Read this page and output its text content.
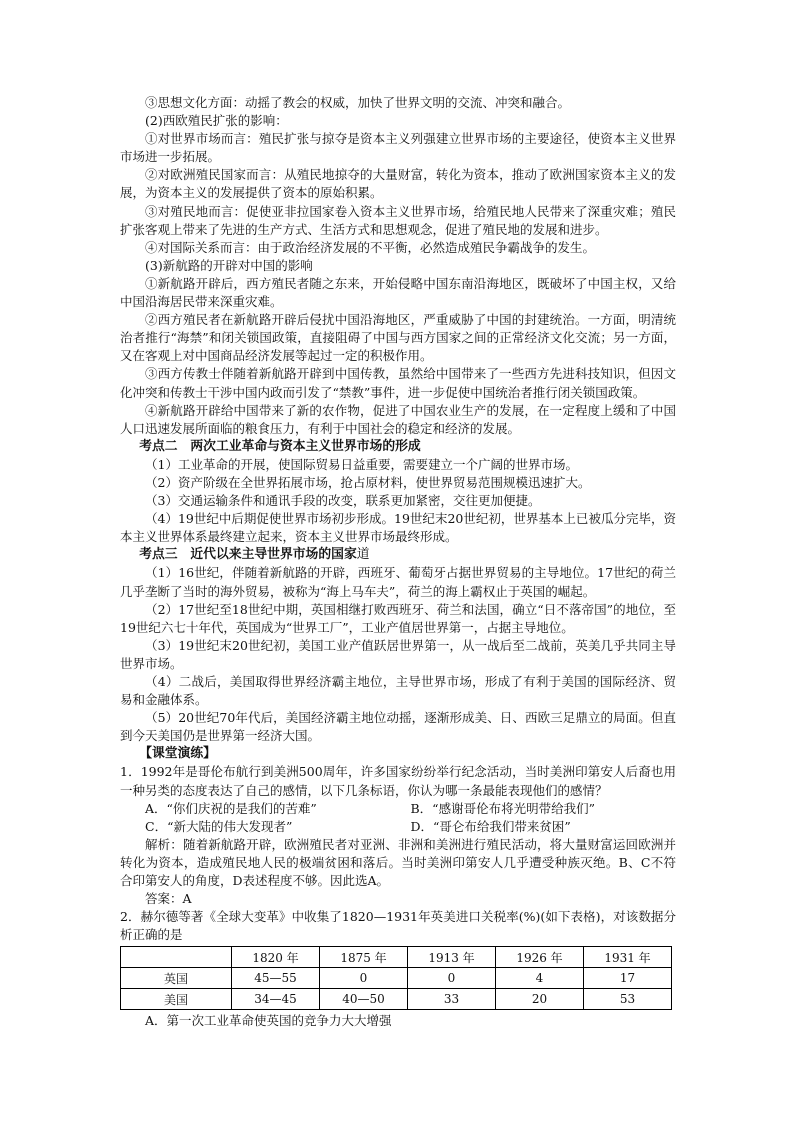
③思想文化方面：动摇了教会的权威，加快了世界文明的交流、冲突和融合。

(2)西欧殖民扩张的影响：

①对世界市场而言：殖民扩张与掠夺是资本主义列强建立世界市场的主要途径，使资本主义世界市场进一步拓展。

②对欧洲殖民国家而言：从殖民地掠夺的大量财富，转化为资本，推动了欧洲国家资本主义的发展，为资本主义的发展提供了资本的原始积累。

③对殖民地而言：促使亚非拉国家卷入资本主义世界市场，给殖民地人民带来了深重灾难；殖民扩张客观上带来了先进的生产方式、生活方式和思想观念，促进了殖民地的发展和进步。

④对国际关系而言：由于政治经济发展的不平衡，必然造成殖民争霸战争的发生。

(3)新航路的开辟对中国的影响

①新航路开辟后，西方殖民者随之东来，开始侵略中国东南沿海地区，既破坏了中国主权，又给中国沿海居民带来深重灾难。

②西方殖民者在新航路开辟后侵扰中国沿海地区，严重威胁了中国的封建统治。一方面，明清统治者推行“海禁”和闭关锁国政策，直接阻碍了中国与西方国家之间的正常经济文化交流；另一方面，又在客观上对中国商品经济发展等起过一定的积极作用。

③西方传教士伴随着新航路开辟到中国传教，虽然给中国带来了一些西方先进科技知识，但因文化冲突和传教士干涉中国内政而引发了“禁教”事件，进一步促使中国统治者推行闭关锁国政策。

④新航路开辟给中国带来了新的农作物，促进了中国农业生产的发展，在一定程度上缓和了中国人口迅速发展所面临的粮食压力，有利于中国社会的稳定和经济的发展。

考点二　两次工业革命与资本主义世界市场的形成

（1）工业革命的开展，使国际贸易日益重要，需要建立一个广阔的世界市场。

（2）资产阶级在全世界拓展市场，抢占原材料，使世界贸易范围规模迅速扩大。

（3）交通运输条件和通讯手段的改变，联系更加紧密，交往更加便捷。

（4）19世纪中后期促使世界市场初步形成。19世纪末20世纪初，世界基本上已被瓜分完毕，资本主义世界体系最终建立起来，资本主义世界市场最终形成。

考点三　近代以来主导世界市场的国家道

（1）16世纪，伴随着新航路的开辟，西班牙、葡萄牙占据世界贸易的主导地位。17世纪的荷兰几乎垄断了当时的海外贸易，被称为“海上马车夫”，荷兰的海上霸权止于英国的崛起。

（2）17世纪至18世纪中期，英国相继打败西班牙、荷兰和法国，确立“日不落帝国”的地位，至19世纪六七十年代，英国成为“世界工厂”，工业产值居世界第一，占据主导地位。

（3）19世纪末20世纪初，美国工业产值跃居世界第一，从一战后至二战前，英美几乎共同主导世界市场。

（4）二战后，美国取得世界经济霸主地位，主导世界市场，形成了有利于美国的国际经济、贸易和金融体系。

（5）20世纪70年代后，美国经济霸主地位动摇，逐渐形成美、日、西欧三足鼎立的局面。但直到今天美国仍是世界第一经济大国。

【课堂演练】

1．1992年是哥伦布航行到美洲500周年，许多国家纷纷举行纪念活动，当时美洲印第安人后裔也用一种另类的态度表达了自己的感情，以下几条标语，你认为哪一条最能表现他们的感情？

A．“你们庆祝的是我们的苦难”	B．“感谢哥伦布将光明带给我们”
C．“新大陆的伟大发现者”	D．“哥仑布给我们带来贫困”

解析：随着新航路开辟，欧洲殖民者对亚洲、非洲和美洲进行殖民活动，将大量财富运回欧洲并转化为资本，造成殖民地人民的极端贫困和落后。当时美洲印第安人几乎遭受种族灭绝。B、C不符合印第安人的角度，D表述程度不够。因此选A。

答案：A

2．赫尔德等著《全球大变革》中收集了1820—1931年英美进口关税率(%)(如下表格)，对该数据分析正确的是

	1820 年	1875 年	1913 年	1926 年	1931 年
英国	45—55	0	0	4	17
美国	34—45	40—50	33	20	53

A．第一次工业革命使英国的竞争力大大增强
